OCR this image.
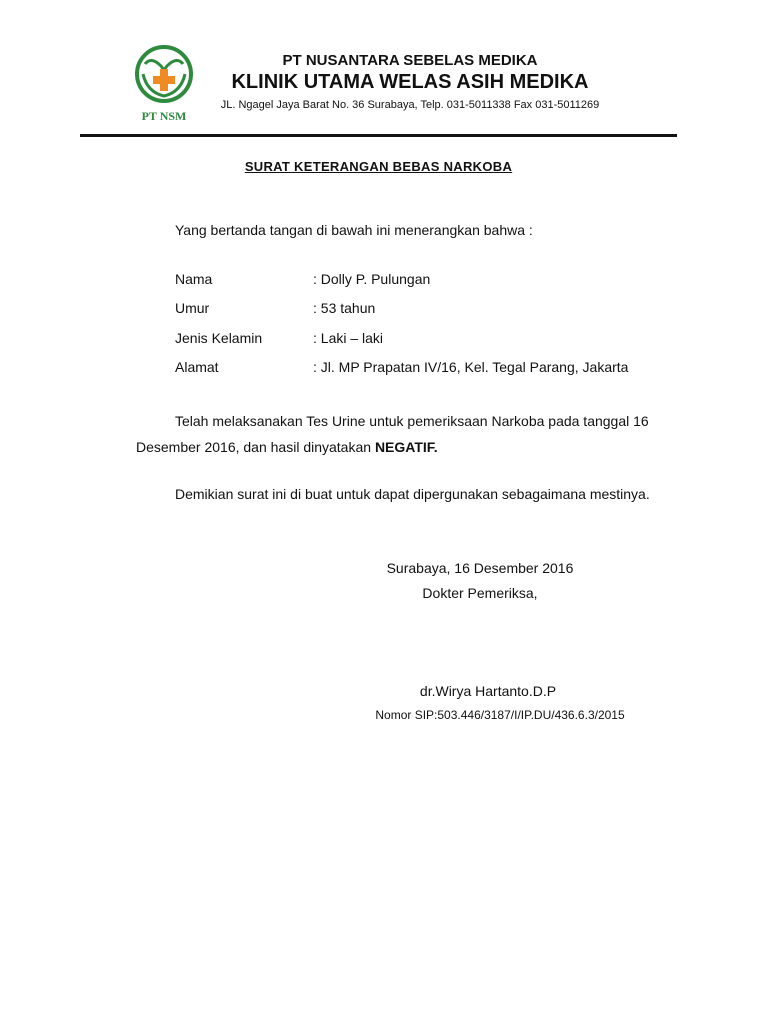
PT NSM
PT NUSANTARA SEBELAS MEDIKA
KLINIK UTAMA WELAS ASIH MEDIKA
JL. Ngagel Jaya Barat No. 36 Surabaya, Telp. 031-5011338 Fax 031-5011269
SURAT KETERANGAN BEBAS NARKOBA
Yang bertanda tangan di bawah ini menerangkan bahwa :
Nama	: Dolly P. Pulungan
Umur	: 53 tahun
Jenis Kelamin	: Laki – laki
Alamat	: Jl. MP Prapatan IV/16, Kel. Tegal Parang, Jakarta
Telah melaksanakan Tes Urine untuk pemeriksaan Narkoba pada tanggal 16
Desember 2016, dan hasil dinyatakan NEGATIF.
Demikian surat ini di buat untuk dapat dipergunakan sebagaimana mestinya.
Surabaya, 16 Desember 2016
Dokter Pemeriksa,
dr.Wirya Hartanto.D.P
Nomor SIP:503.446/3187/I/IP.DU/436.6.3/2015
